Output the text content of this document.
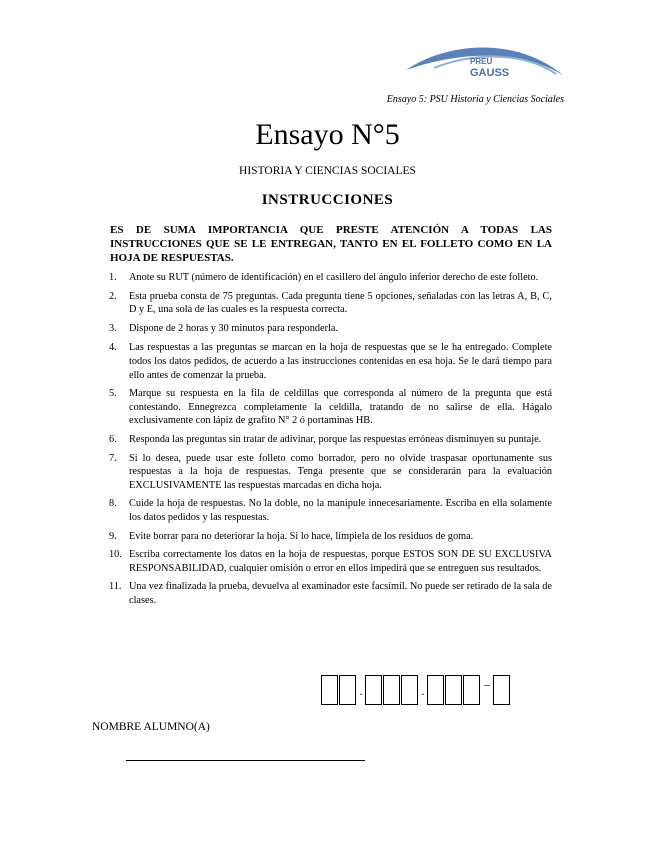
PREU
GAUSS
Ensayo 5: PSU Historia y Ciencias Sociales
Ensayo N°5
HISTORIA Y CIENCIAS SOCIALES
INSTRUCCIONES
ES DE SUMA IMPORTANCIA QUE PRESTE ATENCIÓN A TODAS LAS INSTRUCCIONES QUE SE LE ENTREGAN, TANTO EN EL FOLLETO COMO EN LA HOJA DE RESPUESTAS.
1.	Anote su RUT (número de identificación) en el casillero del ángulo inferior derecho de este folleto.
2.	Esta prueba consta de 75 preguntas. Cada pregunta tiene 5 opciones, señaladas con las letras A, B, C, D y E, una sola de las cuales es la respuesta correcta.
3.	Dispone de 2 horas y 30 minutos para responderla.
4.	Las respuestas a las preguntas se marcan en la hoja de respuestas que se le ha entregado. Complete todos los datos pedidos, de acuerdo a las instrucciones contenidas en esa hoja. Se le dará tiempo para ello antes de comenzar la prueba.
5.	Marque su respuesta en la fila de celdillas que corresponda al número de la pregunta que está contestando. Ennegrezca completamente la celdilla, tratando de no salirse de ella. Hágalo exclusivamente con lápiz de grafito N° 2 ó portaminas HB.
6.	Responda las preguntas sin tratar de adivinar, porque las respuestas erróneas disminuyen su puntaje.
7.	Si lo desea, puede usar este folleto como borrador, pero no olvide traspasar oportunamente sus respuestas a la hoja de respuestas. Tenga presente que se considerarán para la evaluación EXCLUSIVAMENTE las respuestas marcadas en dicha hoja.
8.	Cuide la hoja de respuestas. No la doble, no la manipule innecesariamente. Escriba en ella solamente los datos pedidos y las respuestas.
9.	Evite borrar para no deteriorar la hoja. Si lo hace, límpiela de los residuos de goma.
10. Escriba correctamente los datos en la hoja de respuestas, porque ESTOS SON DE SU EXCLUSIVA RESPONSABILIDAD, cualquier omisión o error en ellos impedirá que se entreguen sus resultados.
11. Una vez finalizada la prueba, devuelva al examinador este facsímil. No puede ser retirado de la sala de clases.
.	.	–
NOMBRE ALUMNO(A)
